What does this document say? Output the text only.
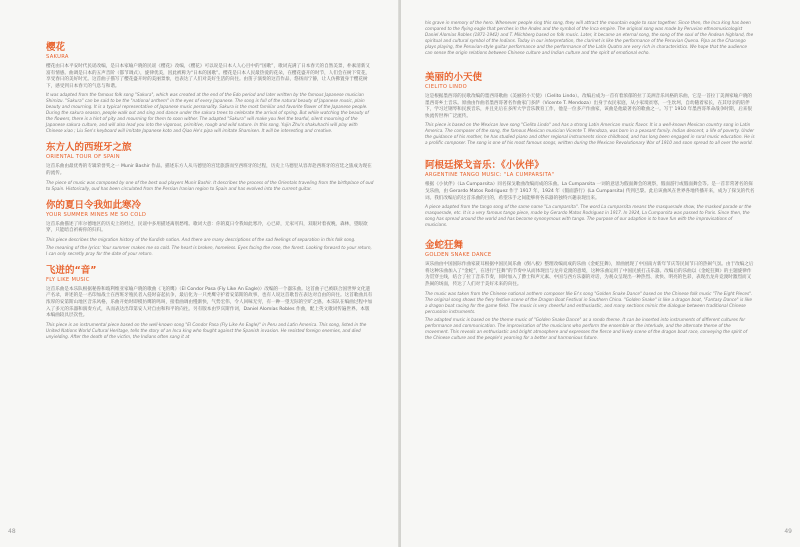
樱花
SAKURA

樱花由日本平安时代民谣改编，是日本家喻户晓的民谣《樱花》改编，《樱花》可以说是日本人人心目中的“国歌”，歌词充满了日本春天的自然美景，朴素清新又富有情感。曲调是日本的五声音阶（都节调式），旋律优美，因此被称为“日本的国歌”。樱花是日本人民最热爱的花朵，在樱花盛开的时节，人们会在树下赏花，享受春日的美好时光。这首曲子描写了樱花盛开时的美丽景象，也表达了人们对美好生活的向往。由笛子演奏的这首作品，悠扬而宁静，让人仿佛置身于樱花树下，感受到日本春天的气息与和谐。

It was adapted from the famous folk song "Sakura", which was created at the end of the Edo period and later written by the famous Japanese musician Shimizu. "Sakura" can be said to be the "national anthem" in the eyes of every Japanese. The song is full of the natural beauty of Japanese music, plain beauty and mourning. It is a typical representative of Japanese music personality. Sakura is the most familiar and favorite flower of the Japanese people. During the sakura season, people walk out and sing and dance under the sakura trees to celebrate the arrival of spring. But while watching the beauty of the flowers, there is a hint of pity and mourning for them to soon wither. The adapted "Sakura" will make you feel the tearful, silent mourning of the Japanese sakura culture, and will also lead you into the vigorous, primitive, rough and wild nature. In this song, Yujin Zhu's shakuhachi will play with Chinese xiao ; Liu Sen's keyboard will imitate Japanese koto and Qiao He's pipa will imitate Shamisen. It will be interesting and creative.

东方人的西班牙之旅
ORIENTAL TOUR OF SPAIN

这首乐曲由最优秀的专辑荣誉奖之一 Munir Bashir 作品。描述东方人从马德里的宫廷旅游而至西班牙的过程，历史上马德里从容奔赴西班牙的宫廷之旅成为现在的流传。

The piece of music was composed by one of the best oud players Munir Bashir. It describes the process of the Orientals traveling from the birthplace of oud to Spain. Historically, oud has been circulated from the Persian Iranian region to Spain and has evolved into the current guitar.

你的夏日令我如此寒冷
YOUR SUMMER MINES ME SO COLD

这首乐曲描述了库尔德地区的历史上的经过，民谣中多用描述离别愁绪。歌词大意：你的夏日令我如此寒冷，心已碎，无家可归，双眼对着夜晚，森林，望眼欲穿，只能暗自祈祷你的归归。

This piece describes the migration history of the Kurdish nation. And there are many descriptions of the sad feelings of separation in this folk song.

The meaning of the lyrics: Your summer makes me so cold. The heart is broken, homeless. Eyes facing the rose, the forest. Looking forward to your return, I can only secretly pray for the date of your return.

飞迸的“音”
FLY LIKE MUSIC

这首乐曲是本乐队根据秘鲁和玻利维亚家喻户晓的歌曲《飞的鹰》（El Condor Pasa (Fly Like An Eagle)）改编的一个器乐曲。这首曲子已被联合国世界文化遗产名录，讲述的是一名印加战士在西班牙殖民者入侵时奋起抗争，最后化为一只秃鹰守护着安第斯的故事，也有人说这首歌旨在表达对自由的向往。这首歌曲具有浓厚的安第斯山地区音乐风格，乐曲开始时即模仿鹰的鸣叫，接着曲调由慢渐快，气势宏伟，令人回味无穷，有一种一望无际的空旷之感。本乐队在编曲过程中加入了多元的乐器和演奏方式，从而表达出印第安人对自由和和平的向往。另有版本由罗宾斯作词，Daniel Alomías Robles 作曲，配上英文歌词传遍世界。本版本编曲较具层次性。

This piece is an instrumental piece based on the well-known song "El Condor Pasa (Fly Like An Eagle)" in Peru and Latin America. This song, listed in the United Nations World Cultural Heritage, tells the story of an Inca king who fought against the Spanish invasion. He resisted foreign enemies, and died unyielding. After the death of the victim, the Indians often sang it at

48

his grave in memory of the hero. Whenever people sing this song, they will attract the mountain eagle to soar together. Since then, the Inca king has been compared to the flying eagle that perches in the Andes and the symbol of the Inca empire. The original song was made by Peruvian ethnomusicologist Daniel Alomias Robles (1871-1942) and T. Milchberg based on folk music. Later, it became an eternal song, the song of the soul of the Andean highland, the spiritual and cultural symbol of the Indians. Today in our interpretation, the clarinet is like the performance of the Peruvian Quena. Pipa as the Charango plays playing, the Peruvian-style guitar performance and the performance of the Latin Quatro are very rich in characteristics. We hope that the audience can sense the origin relations between Chinese culture and Indian culture and the spirit of emotional echo.

美丽的小天使
CIELITO LINDO

这是根据墨西哥的民歌改编的墨西哥歌曲《美丽的小天使》（Cielito Lindo）。改编后成为一首有着浓郁的拉丁美洲音乐风格的乐曲，它是一首拉丁美洲家喻户晓的墨西哥乡土音乐。原曲由作曲者墨西哥著名作曲家门多萨（Vicente T. Mendoza）出身于农民家庭，从小家境贫寒，一生坎坷，自幼随着家长，在其母亲的陪伴下，学习过钢琴和民族音乐，并且先后在多所大学音乐教育工作，他是一位多产作曲家，该曲是他最著名的歌曲之一。写于 1910 年墨西哥革命战争时期，后来很快流传世界广泛流传。

This piece is based on the Mexican love song "Cielito Lindo" and has a strong Latin American music flavor. It is a well-known Mexican country song in Latin America. The composer of the song, the famous Mexican musician Vicente T. Mendoza, was born in a peasant family. Indian descent, a life of poverty. Under the guidance of his mother, he has studied piano and other regional instruments since childhood, and has long been engaged in rural music education. He is a prolific composer. The song is one of his most famous songs, written during the Mexican Revolutionary War of 1910 and soon spread to all over the world.

阿根廷探戈音乐：《小伙伴》
ARGENTINE TANGO MUSIC: "LA CUMPARSITA"

根据《小伙伴》（La Cumparsita）同名探戈歌曲改编而成的乐曲。La Cumparsita 一词的意思为假面舞会的观察，假面游行或假面舞会等。是一首非常著名的探戈乐曲，由 Gerardo Matos Rodriguez 作于 1917 年，1924 年《假面游行》(La Cumparsita) 传到巴黎。此后该曲风在世界各地传播开来，成为了探戈的代名词。我们改编后的这首乐曲的目的，希望乐手之间能够将各乐器的独特兴趣表现出来。

A piece adapted from the tango song of the same name "La cumparsita". The word La cumparsita means the masquerade show, the masked parade or the masquerade, etc. It is a very famous tango piece, made by Gerardo Matos Rodriguez in 1917. In 1924, La Cumparsita was passed to Paris. Since then, the song has spread around the world and has become synonymous with tango. The purpose of our adaption is to have fun with the improvisations of musicians.

金蛇狂舞
GOLDEN SNAKE DANCE

该乐曲由中国国际作曲家聂耳根据中国民间乐曲《倒八板》整理改编而成的乐曲《金蛇狂舞》，原曲展现了中国南方新年节庆等民间节日的热闹气氛。由于改编之后将这种乐曲加入了“金蛇”，在进行“狂舞”的节奏中从而体现出与龙舟竞渡的意境，这种乐曲运用了中国民族打击乐器。改编后的乐曲以《金蛇狂舞》的主题旋律作为贯穿主线，结合了拉丁音乐节奏，同时加入了爵士和声元素、中国与西方乐器的对话，为观众呈现出一种热烈、欢快、明亮的色彩，表现出龙舟竞渡时激烈而又热闹的场面，传达了人们对于美好未来的向往。

The music was taken from the Chinese national anthem composer Nie Er's song "Golden Snake Dance" based on the Chinese folk music "The Eight Pieces". The original song shows the fiery festive scene of the Dragon Boat Festival in Southern China. "Golden Snake" is like a dragon boat, "Fantasy Dance" is like a dragon boat racing for the game field. The music is very cheerful and enthusiastic, and many sections mimic the dialogue between traditional Chinese percussion instruments.

The adapted music is based on the theme music of "Golden Snake Dance" as a rondo theme. It can be inserted into instruments of different cultures for performance and communication. The improvisation of the musicians who perform the ensemble or the interlude, and the alternate theme of the movement. This reveals an enthusiastic and bright atmosphere and expresses the fierce and lively scene of the dragon boat race, conveying the spirit of the Chinese culture and the people's yearning for a better and harmonious future.

49
